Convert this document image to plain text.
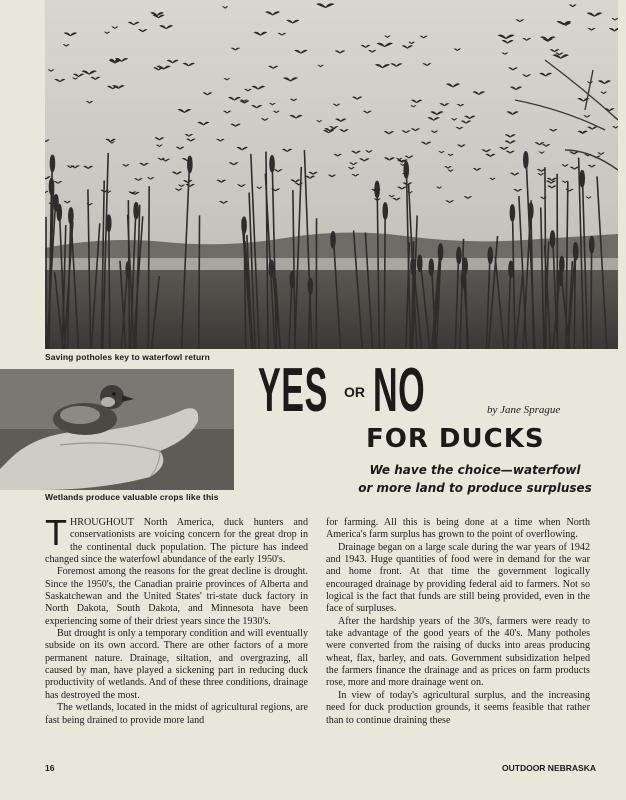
Saving potholes key to waterfowl return
Wetlands produce valuable crops like this
YES OR NO	by Jane Sprague
FOR DUCKS
We have the choice—waterfowl
or more land to produce surpluses

THROUGHOUT North America, duck hunters and conservationists are voicing concern for the great drop in the continental duck population. The picture has indeed changed since the waterfowl abundance of the early 1950's.

Foremost among the reasons for the great decline is drought. Since the 1950's, the Canadian prairie provinces of Alberta and Saskatchewan and the United States' tri-state duck factory in North Dakota, South Dakota, and Minnesota have been experiencing some of their driest years since the 1930's.

But drought is only a temporary condition and will eventually subside on its own accord. There are other factors of a more permanent nature. Drainage, siltation, and overgrazing, all caused by man, have played a sickening part in reducing duck productivity of wetlands. And of these three conditions, drainage has destroyed the most.

The wetlands, located in the midst of agricultural regions, are fast being drained to provide more land

for farming. All this is being done at a time when North America's farm surplus has grown to the point of overflowing.

Drainage began on a large scale during the war years of 1942 and 1943. Huge quantities of food were in demand for the war and home front. At that time the government logically encouraged drainage by providing federal aid to farmers. Not so logical is the fact that funds are still being provided, even in the face of surpluses.

After the hardship years of the 30's, farmers were ready to take advantage of the good years of the 40's. Many potholes were converted from the raising of ducks into areas producing wheat, flax, barley, and oats. Government subsidization helped the farmers finance the drainage and as prices on farm products rose, more and more drainage went on.

In view of today's agricultural surplus, and the increasing need for duck production grounds, it seems feasible that rather than to continue draining these

16	OUTDOOR NEBRASKA
